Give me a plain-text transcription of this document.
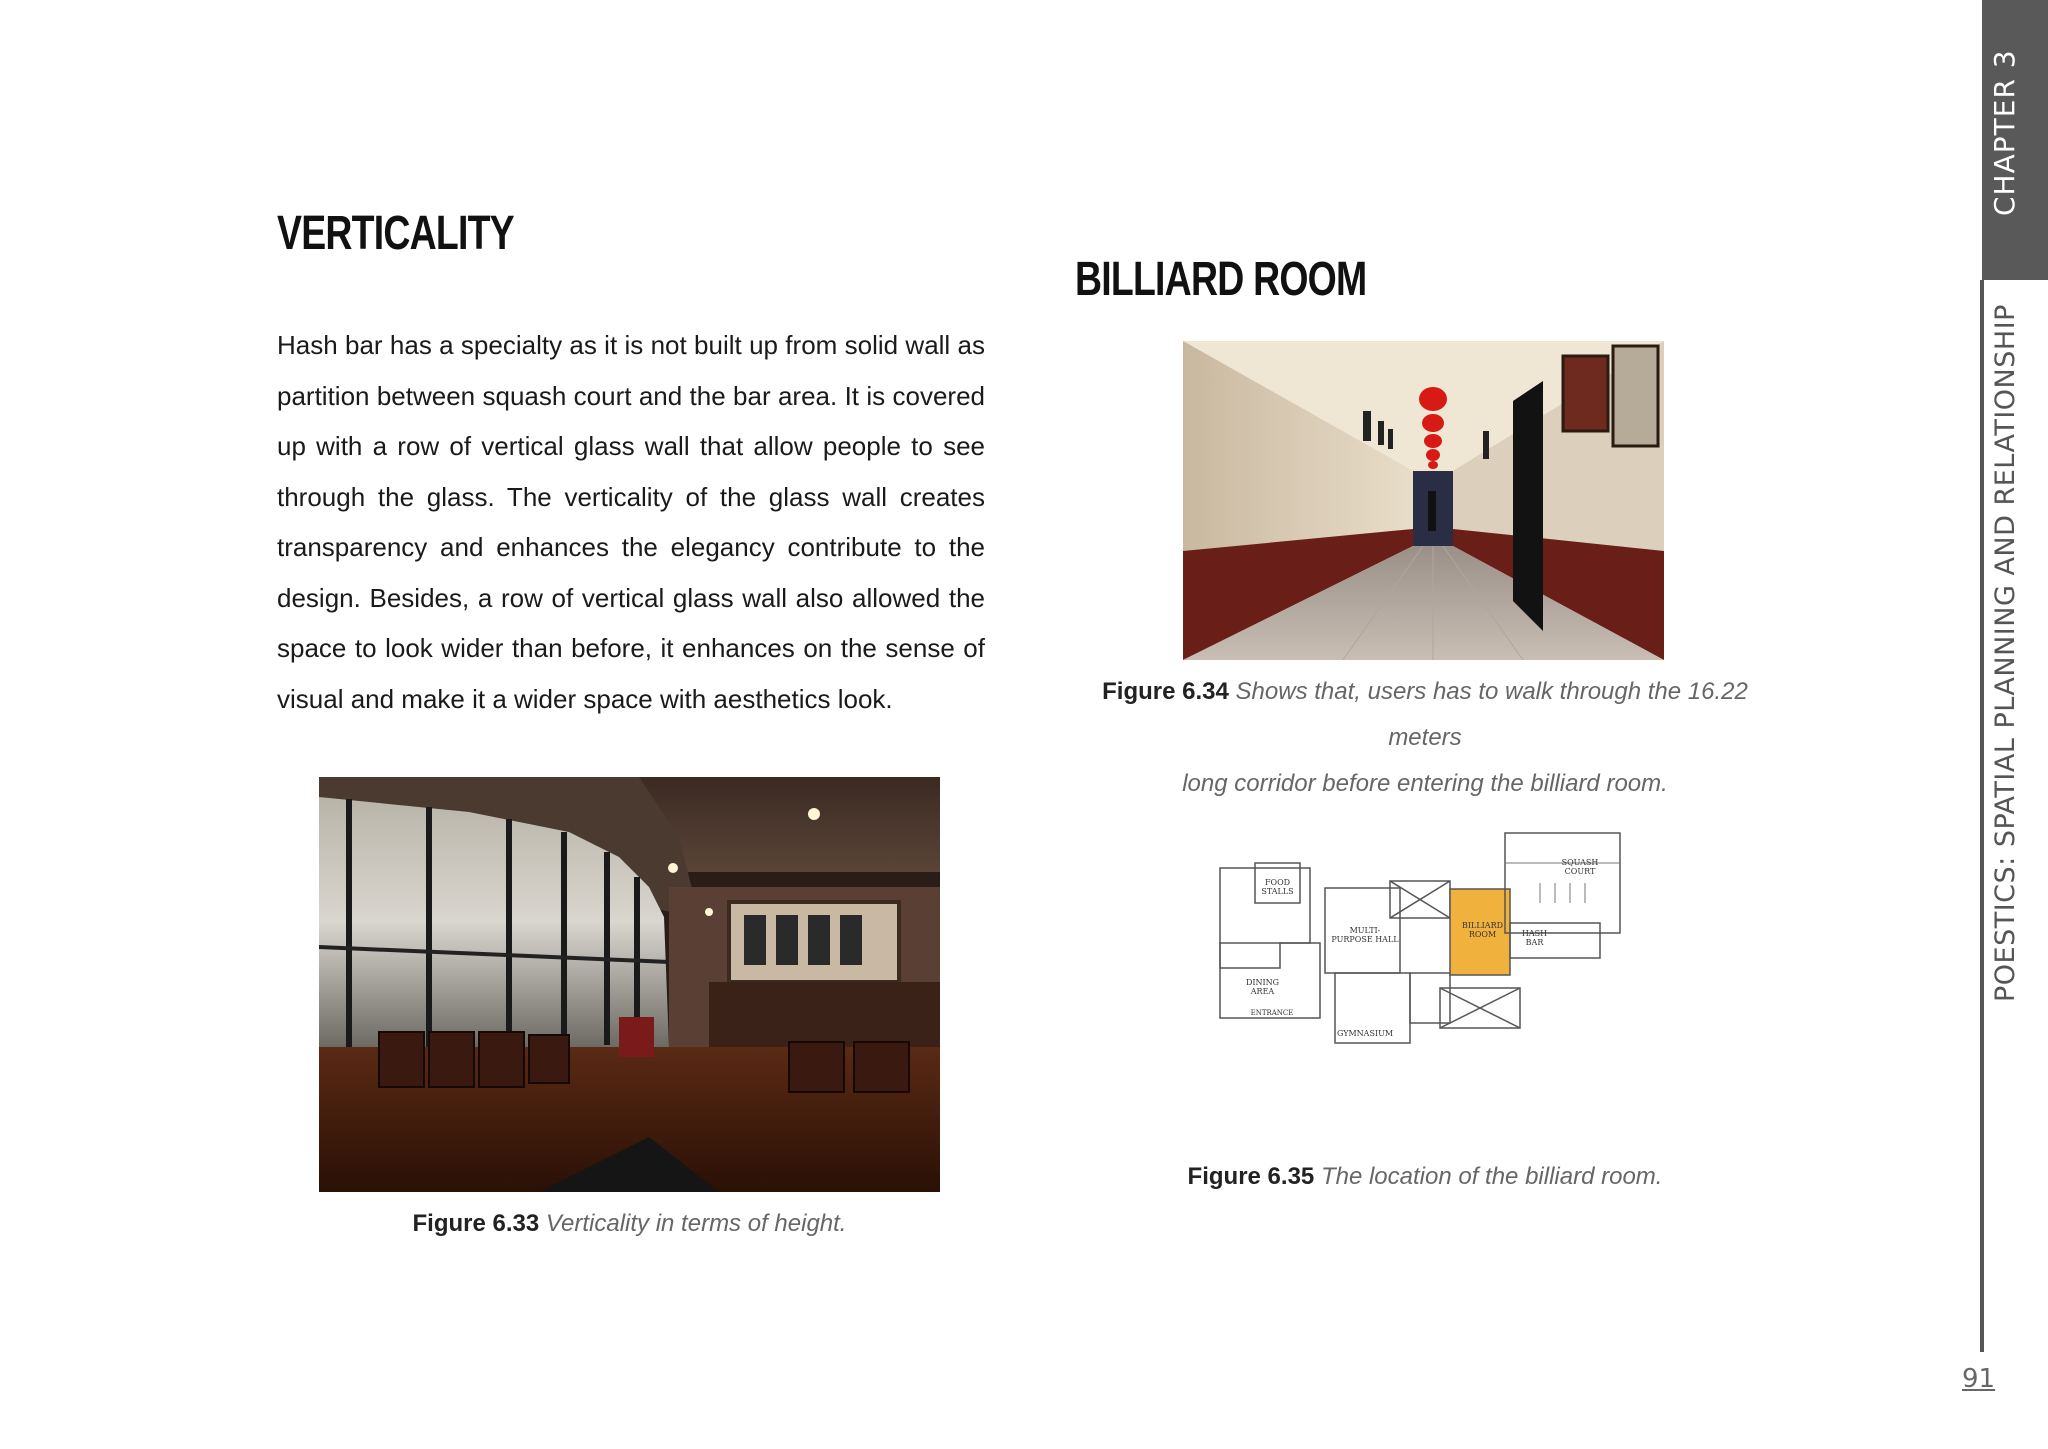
VERTICALITY
Hash bar has a specialty as it is not built up from solid wall as partition between squash court and the bar area. It is covered up with a row of vertical glass wall that allow people to see through the glass. The verticality of the glass wall creates transparency and enhances the elegancy contribute to the design. Besides, a row of vertical glass wall also allowed the space to look wider than before, it enhances on the sense of visual and make it a wider space with aesthetics look.
Figure 6.33 Verticality in terms of height.
BILLIARD ROOM
Figure 6.34 Shows that, users has to walk through the 16.22 meters
long corridor before entering the billiard room.
FOOD STALLS
MULTI-PURPOSE HALL
BILLIARD ROOM
SQUASH COURT
HASH BAR
DINING AREA
ENTRANCE
GYMNASIUM
Figure 6.35 The location of the billiard room.
CHAPTER 3
POESTICS: SPATIAL PLANNING AND RELATIONSHIP
91
